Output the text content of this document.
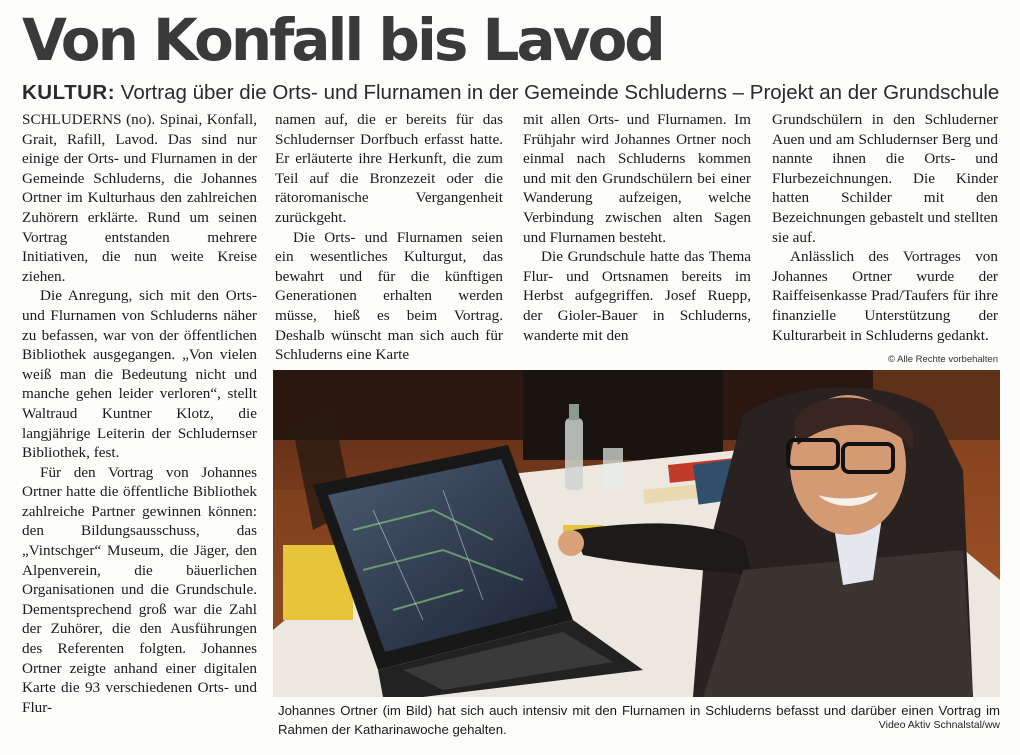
Von Konfall bis Lavod
KULTUR: Vortrag über die Orts- und Flurnamen in der Gemeinde Schluderns – Projekt an der Grundschule

SCHLUDERNS (no). Spinai, Konfall, Grait, Rafill, Lavod. Das sind nur einige der Orts- und Flurnamen in der Gemeinde Schluderns, die Johannes Ortner im Kulturhaus den zahlreichen Zuhörern erklärte. Rund um seinen Vortrag entstanden mehrere Initiativen, die nun weite Kreise ziehen.

Die Anregung, sich mit den Orts- und Flurnamen von Schluderns näher zu befassen, war von der öffentlichen Bibliothek ausgegangen. „Von vielen weiß man die Bedeutung nicht und manche gehen leider verloren“, stellt Waltraud Kuntner Klotz, die langjährige Leiterin der Schludernser Bibliothek, fest.

Für den Vortrag von Johannes Ortner hatte die öffentliche Bibliothek zahlreiche Partner gewinnen können: den Bildungsausschuss, das „Vintschger“ Museum, die Jäger, den Alpenverein, die bäuerlichen Organisationen und die Grundschule. Dementsprechend groß war die Zahl der Zuhörer, die den Ausführungen des Referenten folgten. Johannes Ortner zeigte anhand einer digitalen Karte die 93 verschiedenen Orts- und Flur-

namen auf, die er bereits für das Schludernser Dorfbuch erfasst hatte. Er erläuterte ihre Herkunft, die zum Teil auf die Bronzezeit oder die rätoromanische Vergangenheit zurückgeht.

Die Orts- und Flurnamen seien ein wesentliches Kulturgut, das bewahrt und für die künftigen Generationen erhalten werden müsse, hieß es beim Vortrag. Deshalb wünscht man sich auch für Schluderns eine Karte

mit allen Orts- und Flurnamen. Im Frühjahr wird Johannes Ortner noch einmal nach Schluderns kommen und mit den Grundschülern bei einer Wanderung aufzeigen, welche Verbindung zwischen alten Sagen und Flurnamen besteht.

Die Grundschule hatte das Thema Flur- und Ortsnamen bereits im Herbst aufgegriffen. Josef Ruepp, der Gioler-Bauer in Schluderns, wanderte mit den

Grundschülern in den Schluderner Auen und am Schludernser Berg und nannte ihnen die Orts- und Flurbezeichnungen. Die Kinder hatten Schilder mit den Bezeichnungen gebastelt und stellten sie auf.

Anlässlich des Vortrages von Johannes Ortner wurde der Raiffeisenkasse Prad/Taufers für ihre finanzielle Unterstützung der Kulturarbeit in Schluderns gedankt.

© Alle Rechte vorbehalten
Johannes Ortner (im Bild) hat sich auch intensiv mit den Flurnamen in Schluderns befasst und darüber einen Vortrag im Rahmen der Katharinawoche gehalten.	Video Aktiv Schnalstal/ww
